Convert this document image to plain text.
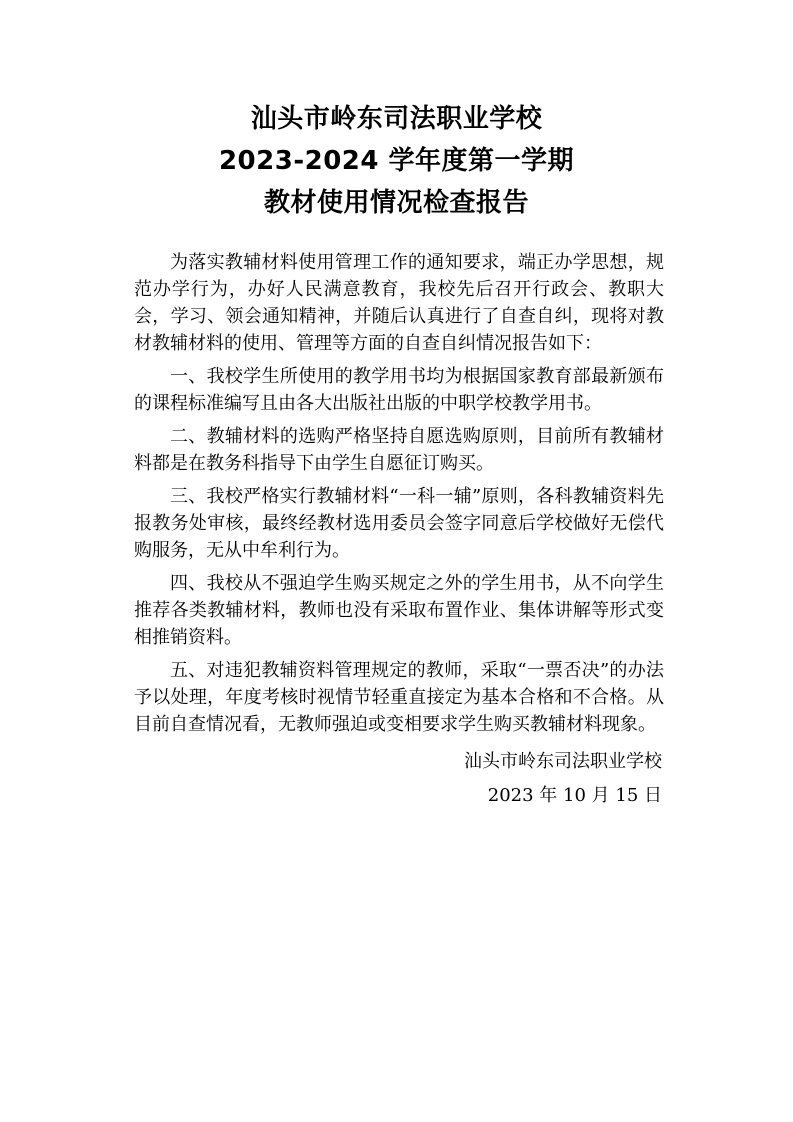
汕头市岭东司法职业学校
2023-2024 学年度第一学期
教材使用情况检查报告

为落实教辅材料使用管理工作的通知要求，端正办学思想，规范办学行为，办好人民满意教育，我校先后召开行政会、教职大会，学习、领会通知精神，并随后认真进行了自查自纠，现将对教材教辅材料的使用、管理等方面的自查自纠情况报告如下：

一、我校学生所使用的教学用书均为根据国家教育部最新颁布的课程标准编写且由各大出版社出版的中职学校教学用书。

二、教辅材料的选购严格坚持自愿选购原则，目前所有教辅材料都是在教务科指导下由学生自愿征订购买。

三、我校严格实行教辅材料“一科一辅”原则，各科教辅资料先报教务处审核，最终经教材选用委员会签字同意后学校做好无偿代购服务，无从中牟利行为。

四、我校从不强迫学生购买规定之外的学生用书，从不向学生推荐各类教辅材料，教师也没有采取布置作业、集体讲解等形式变相推销资料。

五、对违犯教辅资料管理规定的教师，采取“一票否决”的办法予以处理，年度考核时视情节轻重直接定为基本合格和不合格。从目前自查情况看，无教师强迫或变相要求学生购买教辅材料现象。

汕头市岭东司法职业学校
2023 年 10 月 15 日
